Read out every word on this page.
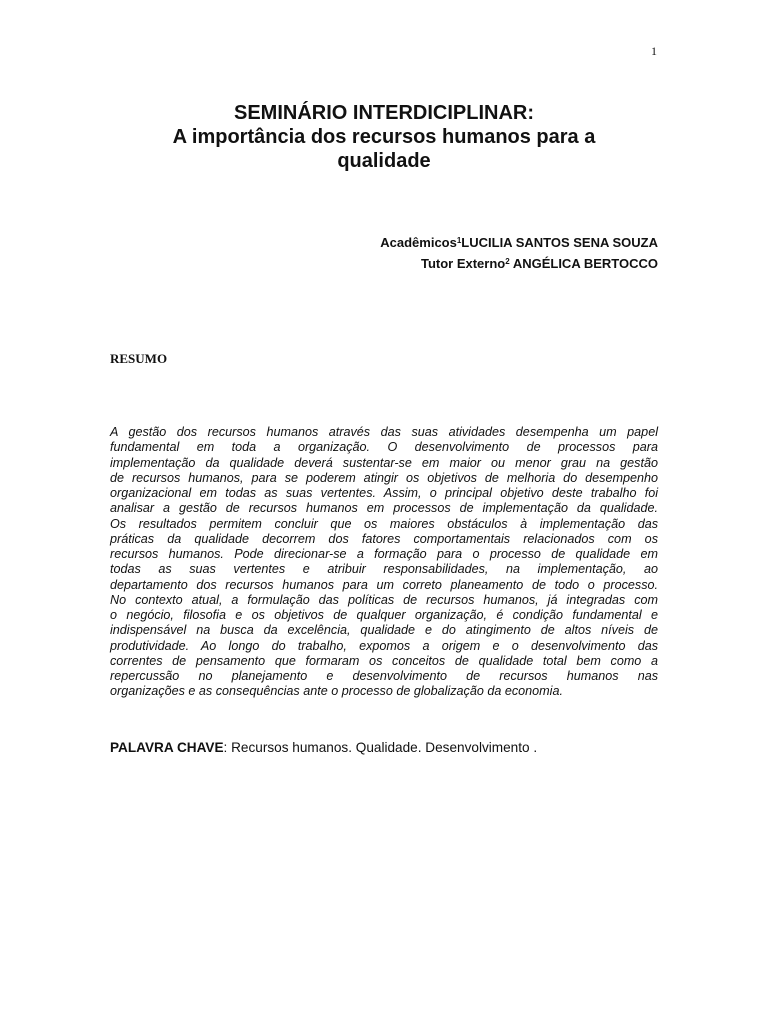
1
SEMINÁRIO INTERDICIPLINAR:
A importância dos recursos humanos para a
qualidade
Acadêmicos$^1$LUCILIA SANTOS SENA SOUZA
Tutor Externo$^2$ ANGÉLICA BERTOCCO
RESUMO
A gestão dos recursos humanos através das suas atividades desempenha um papel
fundamental em toda a organização. O desenvolvimento de processos para
implementação da qualidade deverá sustentar-se em maior ou menor grau na gestão
de recursos humanos, para se poderem atingir os objetivos de melhoria do desempenho
organizacional em todas as suas vertentes. Assim, o principal objetivo deste trabalho foi
analisar a gestão de recursos humanos em processos de implementação da qualidade.
Os resultados permitem concluir que os maiores obstáculos à implementação das
práticas da qualidade decorrem dos fatores comportamentais relacionados com os
recursos humanos. Pode direcionar-se a formação para o processo de qualidade em
todas as suas vertentes e atribuir responsabilidades, na implementação, ao
departamento dos recursos humanos para um correto planeamento de todo o processo.
No contexto atual, a formulação das políticas de recursos humanos, já integradas com
o negócio, filosofia e os objetivos de qualquer organização, é condição fundamental e
indispensável na busca da excelência, qualidade e do atingimento de altos níveis de
produtividade. Ao longo do trabalho, expomos a origem e o desenvolvimento das
correntes de pensamento que formaram os conceitos de qualidade total bem como a
repercussão no planejamento e desenvolvimento de recursos humanos nas
organizações e as consequências ante o processo de globalização da economia.
PALAVRA CHAVE: Recursos humanos. Qualidade. Desenvolvimento .
